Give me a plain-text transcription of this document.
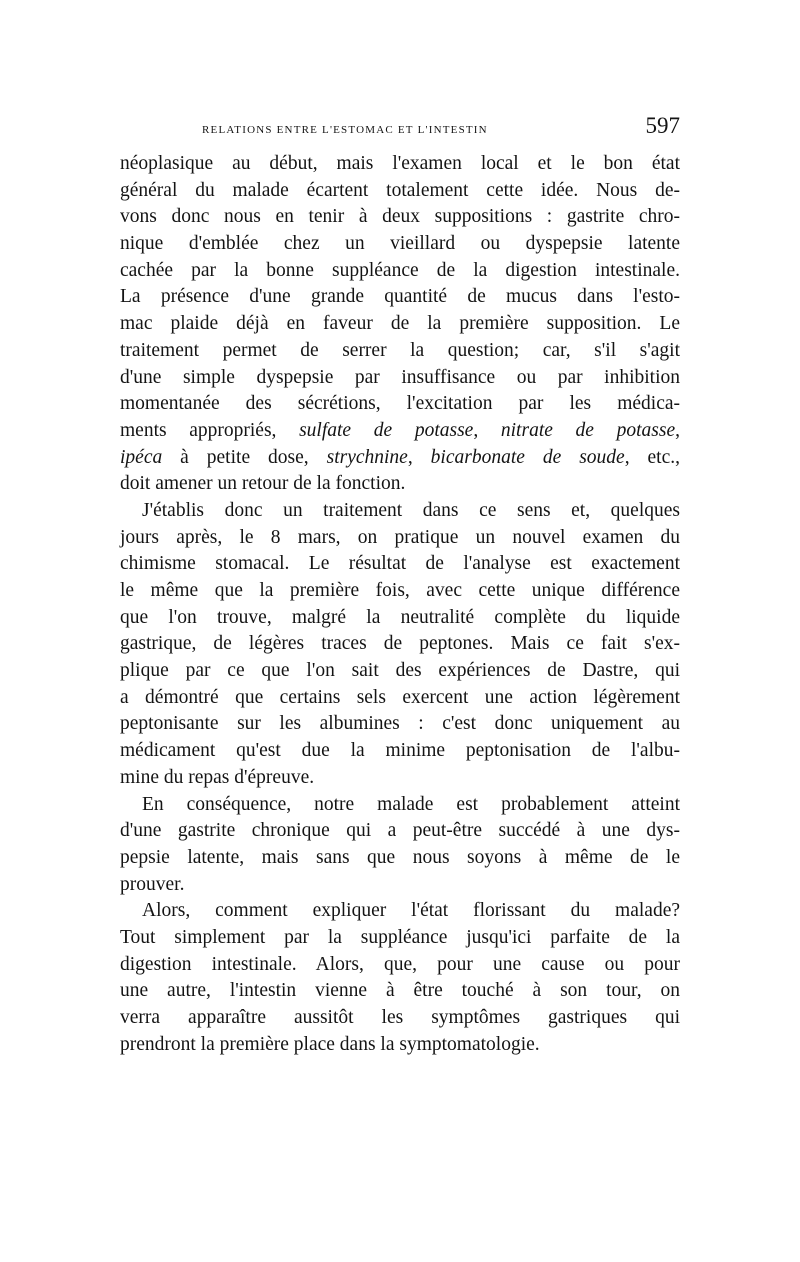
relations entre l'estomac et l'intestin	597
néoplasique au début, mais l'examen local et le bon état
général du malade écartent totalement cette idée. Nous de-
vons donc nous en tenir à deux suppositions : gastrite chro-
nique d'emblée chez un vieillard ou dyspepsie latente
cachée par la bonne suppléance de la digestion intestinale.
La présence d'une grande quantité de mucus dans l'esto-
mac plaide déjà en faveur de la première supposition. Le
traitement permet de serrer la question; car, s'il s'agit
d'une simple dyspepsie par insuffisance ou par inhibition
momentanée des sécrétions, l'excitation par les médica-
ments appropriés, sulfate de potasse, nitrate de potasse,
ipéca à petite dose, strychnine, bicarbonate de soude, etc.,
doit amener un retour de la fonction.
J'établis donc un traitement dans ce sens et, quelques
jours après, le 8 mars, on pratique un nouvel examen du
chimisme stomacal. Le résultat de l'analyse est exactement
le même que la première fois, avec cette unique différence
que l'on trouve, malgré la neutralité complète du liquide
gastrique, de légères traces de peptones. Mais ce fait s'ex-
plique par ce que l'on sait des expériences de Dastre, qui
a démontré que certains sels exercent une action légèrement
peptonisante sur les albumines : c'est donc uniquement au
médicament qu'est due la minime peptonisation de l'albu-
mine du repas d'épreuve.
En conséquence, notre malade est probablement atteint
d'une gastrite chronique qui a peut-être succédé à une dys-
pepsie latente, mais sans que nous soyons à même de le
prouver.
Alors, comment expliquer l'état florissant du malade?
Tout simplement par la suppléance jusqu'ici parfaite de la
digestion intestinale. Alors, que, pour une cause ou pour
une autre, l'intestin vienne à être touché à son tour, on
verra apparaître aussitôt les symptômes gastriques qui
prendront la première place dans la symptomatologie.
